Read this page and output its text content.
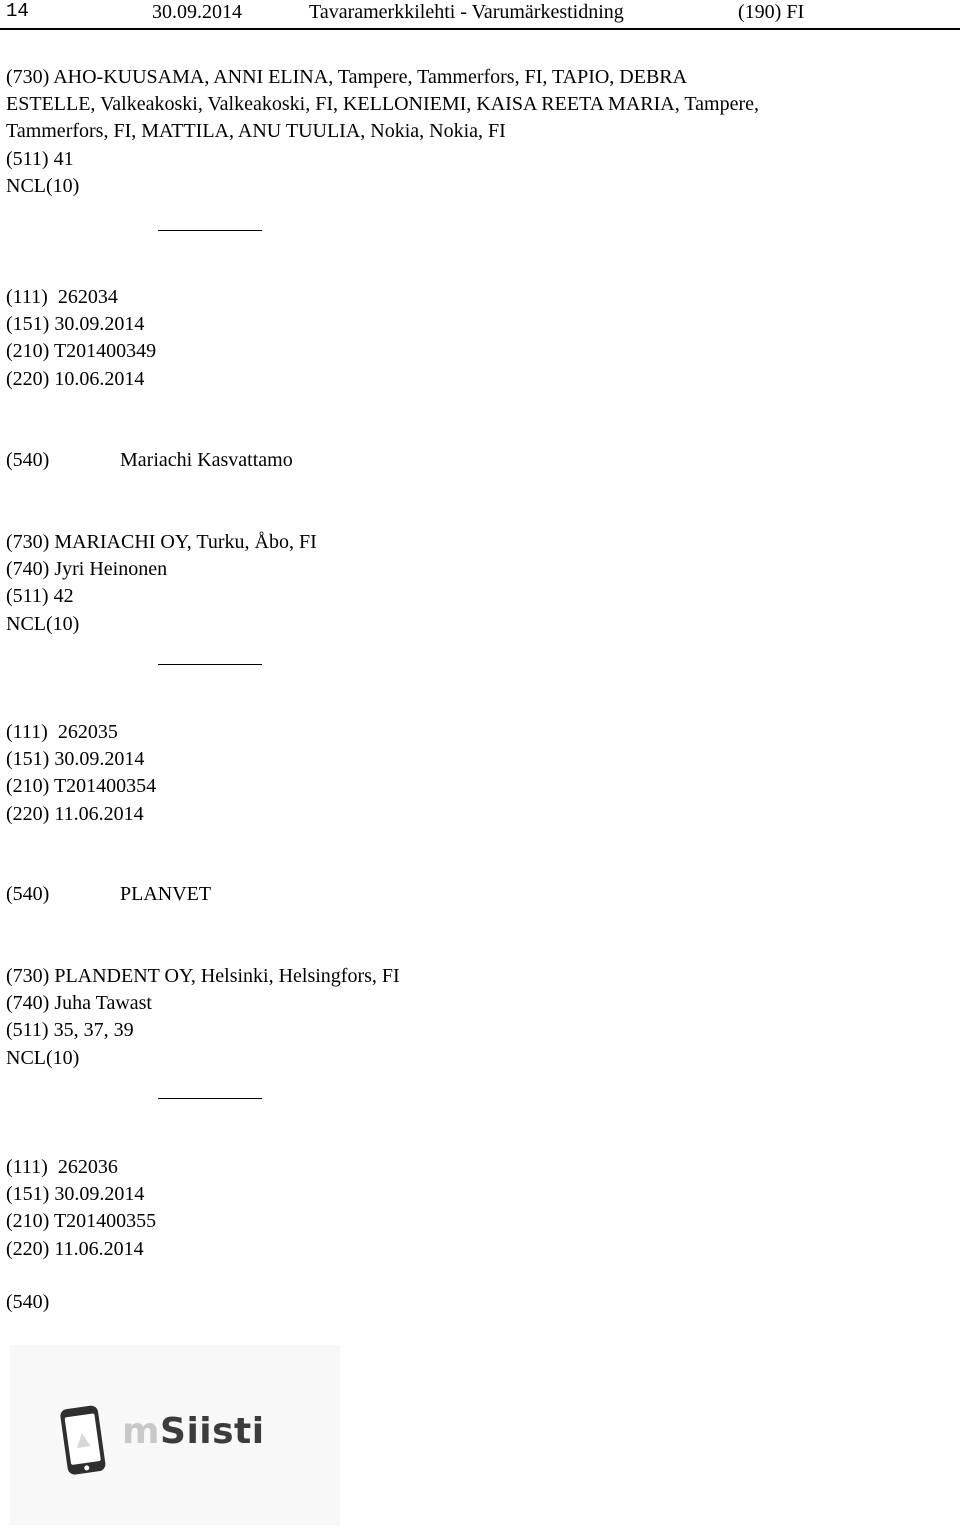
14	30.09.2014	Tavaramerkkilehti - Varumärkestidning	(190) FI

(730) AHO-KUUSAMA, ANNI ELINA, Tampere, Tammerfors, FI, TAPIO, DEBRA

ESTELLE, Valkeakoski, Valkeakoski, FI, KELLONIEMI, KAISA REETA MARIA, Tampere,

Tammerfors, FI, MATTILA, ANU TUULIA, Nokia, Nokia, FI

(511) 41

NCL(10)

(111)  262034

(151) 30.09.2014

(210) T201400349

(220) 10.06.2014

(540)	Mariachi Kasvattamo

(730) MARIACHI OY, Turku, Åbo, FI

(740) Jyri Heinonen

(511) 42

NCL(10)

(111)  262035

(151) 30.09.2014

(210) T201400354

(220) 11.06.2014

(540)	PLANVET

(730) PLANDENT OY, Helsinki, Helsingfors, FI

(740) Juha Tawast

(511) 35, 37, 39

NCL(10)

(111)  262036

(151) 30.09.2014

(210) T201400355

(220) 11.06.2014

(540)
mSiisti
